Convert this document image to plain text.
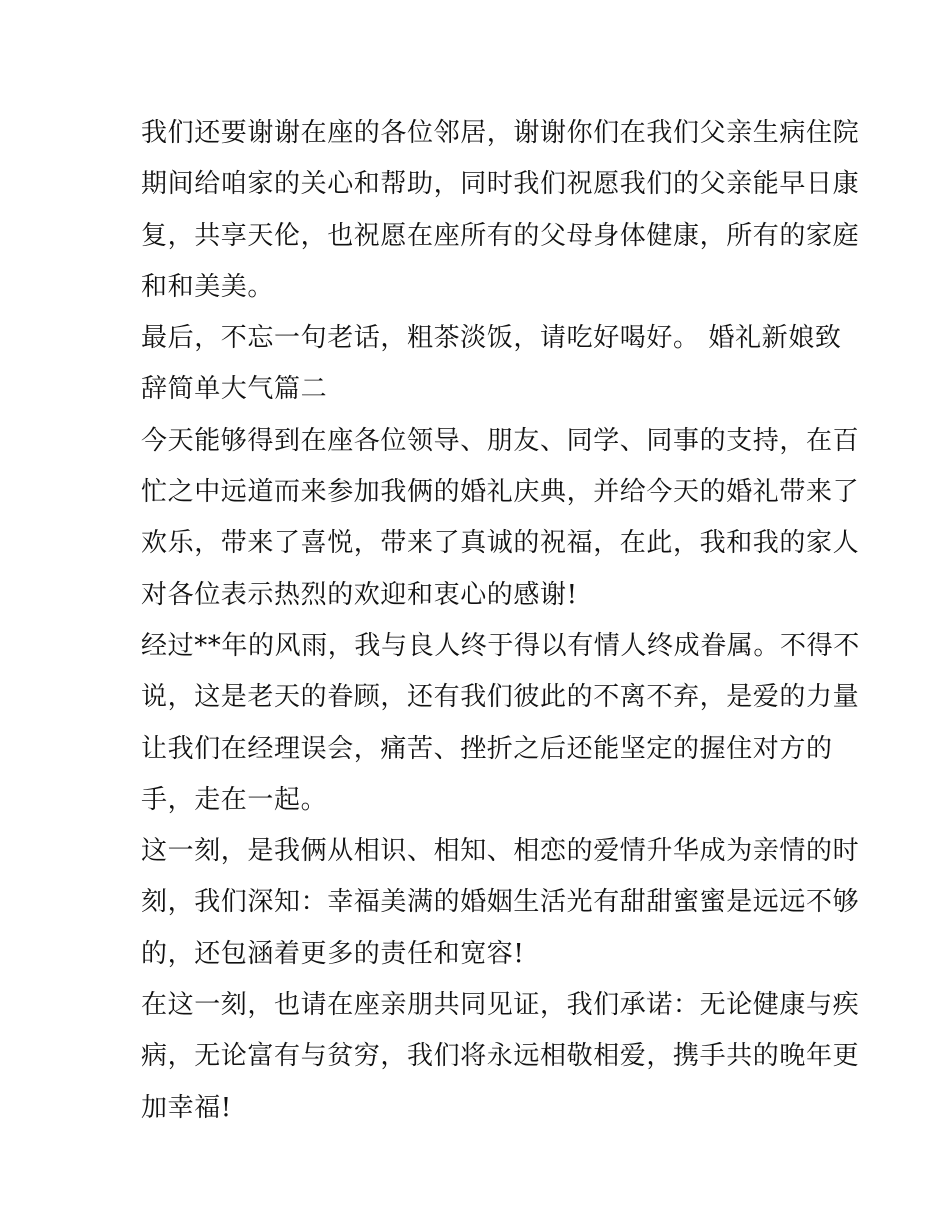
我们还要谢谢在座的各位邻居，谢谢你们在我们父亲生病住院
期间给咱家的关心和帮助，同时我们祝愿我们的父亲能早日康
复，共享天伦，也祝愿在座所有的父母身体健康，所有的家庭
和和美美。
最后，不忘一句老话，粗茶淡饭，请吃好喝好。 婚礼新娘致
辞简单大气篇二
今天能够得到在座各位领导、朋友、同学、同事的支持，在百
忙之中远道而来参加我俩的婚礼庆典，并给今天的婚礼带来了
欢乐，带来了喜悦，带来了真诚的祝福，在此，我和我的家人
对各位表示热烈的欢迎和衷心的感谢!
经过**年的风雨，我与良人终于得以有情人终成眷属。不得不
说，这是老天的眷顾，还有我们彼此的不离不弃，是爱的力量
让我们在经理误会，痛苦、挫折之后还能坚定的握住对方的
手，走在一起。
这一刻，是我俩从相识、相知、相恋的爱情升华成为亲情的时
刻，我们深知：幸福美满的婚姻生活光有甜甜蜜蜜是远远不够
的，还包涵着更多的责任和宽容!
在这一刻，也请在座亲朋共同见证，我们承诺：无论健康与疾
病，无论富有与贫穷，我们将永远相敬相爱，携手共的晚年更
加幸福!
